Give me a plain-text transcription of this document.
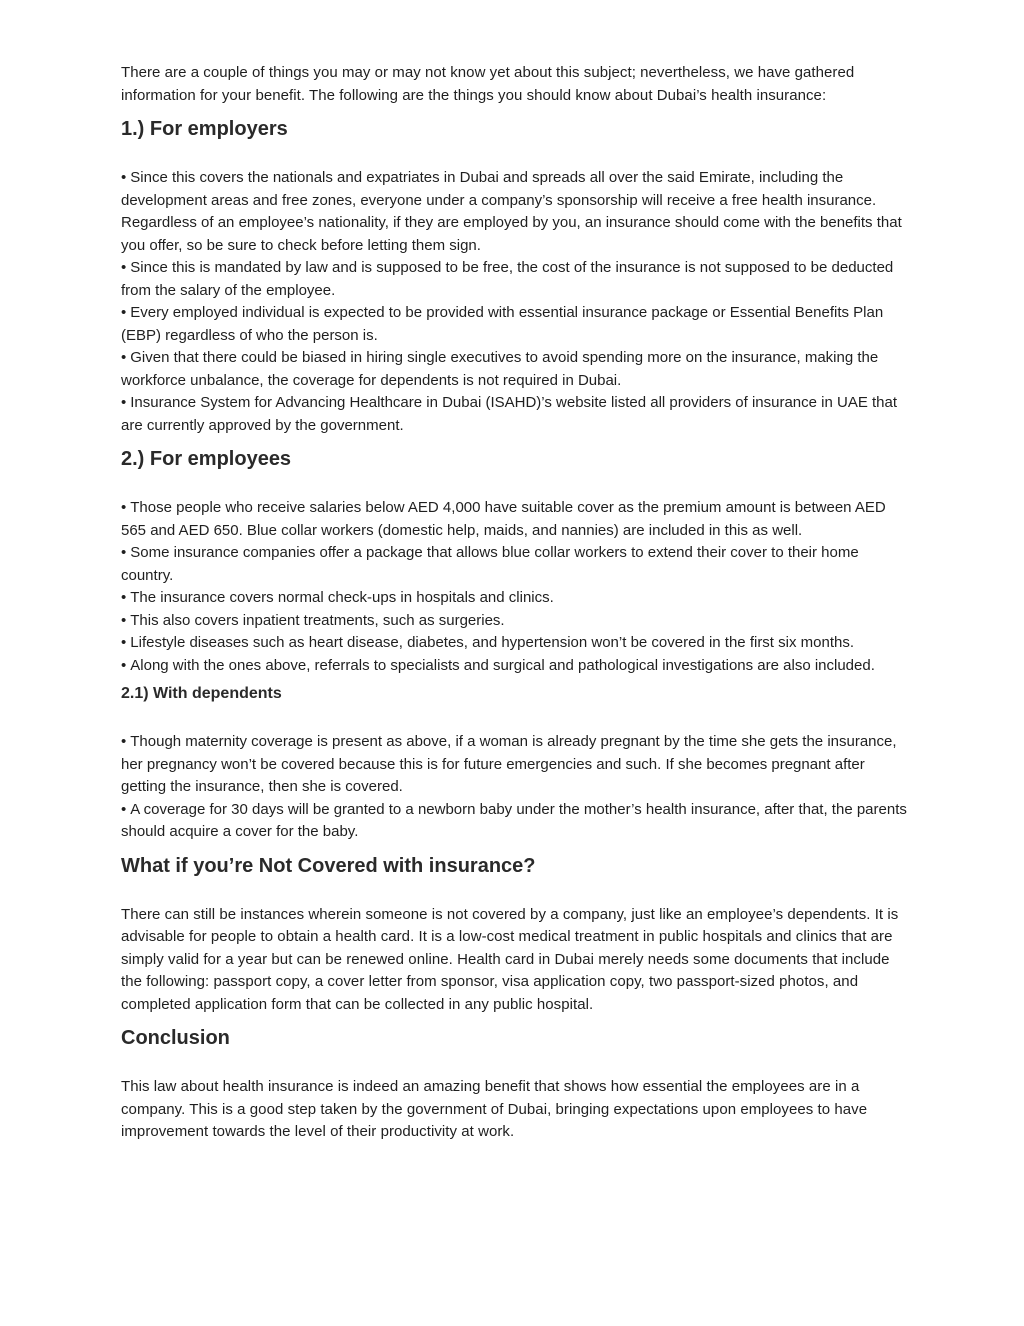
There are a couple of things you may or may not know yet about this subject; nevertheless, we have gathered information for your benefit. The following are the things you should know about Dubai’s health insurance:

1.) For employers
• Since this covers the nationals and expatriates in Dubai and spreads all over the said Emirate, including the development areas and free zones, everyone under a company’s sponsorship will receive a free health insurance. Regardless of an employee’s nationality, if they are employed by you, an insurance should come with the benefits that you offer, so be sure to check before letting them sign.
• Since this is mandated by law and is supposed to be free, the cost of the insurance is not supposed to be deducted from the salary of the employee.
• Every employed individual is expected to be provided with essential insurance package or Essential Benefits Plan (EBP) regardless of who the person is.
• Given that there could be biased in hiring single executives to avoid spending more on the insurance, making the workforce unbalance, the coverage for dependents is not required in Dubai.
• Insurance System for Advancing Healthcare in Dubai (ISAHD)’s website listed all providers of insurance in UAE that are currently approved by the government.
2.) For employees
• Those people who receive salaries below AED 4,000 have suitable cover as the premium amount is between AED 565 and AED 650. Blue collar workers (domestic help, maids, and nannies) are included in this as well.
• Some insurance companies offer a package that allows blue collar workers to extend their cover to their home country.
• The insurance covers normal check-ups in hospitals and clinics.
• This also covers inpatient treatments, such as surgeries.
• Lifestyle diseases such as heart disease, diabetes, and hypertension won’t be covered in the first six months.
• Along with the ones above, referrals to specialists and surgical and pathological investigations are also included.
2.1) With dependents
• Though maternity coverage is present as above, if a woman is already pregnant by the time she gets the insurance, her pregnancy won’t be covered because this is for future emergencies and such. If she becomes pregnant after getting the insurance, then she is covered.
• A coverage for 30 days will be granted to a newborn baby under the mother’s health insurance, after that, the parents should acquire a cover for the baby.
What if you’re Not Covered with insurance?

There can still be instances wherein someone is not covered by a company, just like an employee’s dependents. It is advisable for people to obtain a health card. It is a low-cost medical treatment in public hospitals and clinics that are simply valid for a year but can be renewed online. Health card in Dubai merely needs some documents that include the following: passport copy, a cover letter from sponsor, visa application copy, two passport-sized photos, and completed application form that can be collected in any public hospital.

Conclusion

This law about health insurance is indeed an amazing benefit that shows how essential the employees are in a company. This is a good step taken by the government of Dubai, bringing expectations upon employees to have improvement towards the level of their productivity at work.
